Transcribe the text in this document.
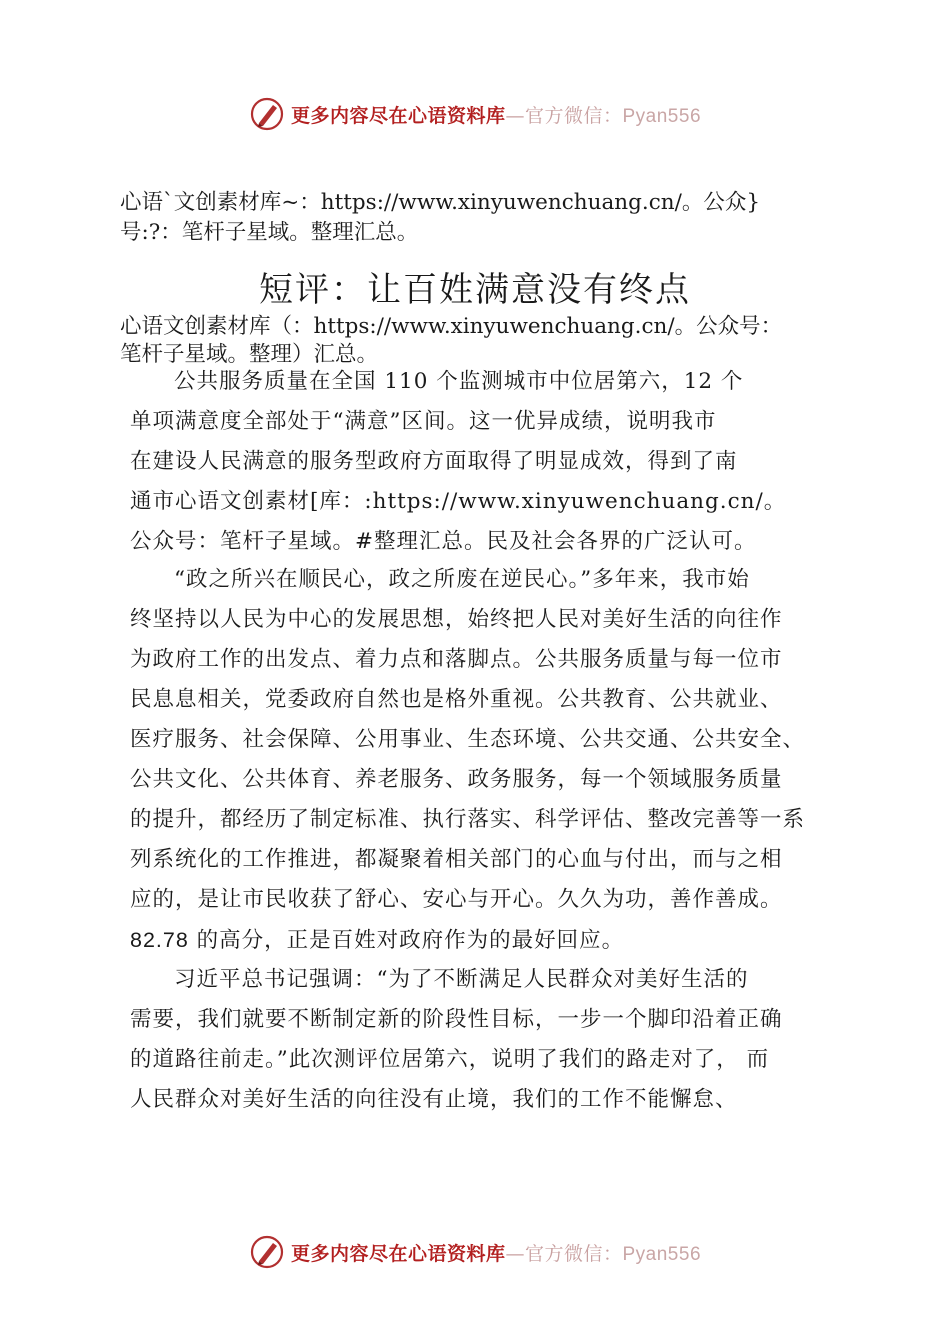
更多内容尽在心语资料库—官方微信：Pyan556
心语`文创素材库~：https://www.xinyuwenchuang.cn/。公众}
号:?：笔杆子星域。整理汇总。
短评：让百姓满意没有终点
心语文创素材库（：https://www.xinyuwenchuang.cn/。公众号：
笔杆子星域。整理）汇总。
公共服务质量在全国 110 个监测城市中位居第六，12 个
单项满意度全部处于“满意”区间。这一优异成绩，说明我市
在建设人民满意的服务型政府方面取得了明显成效，得到了南
通市心语文创素材[库：:https://www.xinyuwenchuang.cn/。
公众号：笔杆子星域。#整理汇总。民及社会各界的广泛认可。
“政之所兴在顺民心，政之所废在逆民心。”多年来，我市始
终坚持以人民为中心的发展思想，始终把人民对美好生活的向往作
为政府工作的出发点、着力点和落脚点。公共服务质量与每一位市
民息息相关，党委政府自然也是格外重视。公共教育、公共就业、
医疗服务、社会保障、公用事业、生态环境、公共交通、公共安全、
公共文化、公共体育、养老服务、政务服务，每一个领域服务质量
的提升，都经历了制定标准、执行落实、科学评估、整改完善等一系
列系统化的工作推进，都凝聚着相关部门的心血与付出，而与之相
应的，是让市民收获了舒心、安心与开心。久久为功，善作善成。
82.78 的高分，正是百姓对政府作为的最好回应。
习近平总书记强调：“为了不断满足人民群众对美好生活的
需要，我们就要不断制定新的阶段性目标，一步一个脚印沿着正确
的道路往前走。”此次测评位居第六，说明了我们的路走对了， 而
人民群众对美好生活的向往没有止境，我们的工作不能懈怠、
更多内容尽在心语资料库—官方微信：Pyan556
